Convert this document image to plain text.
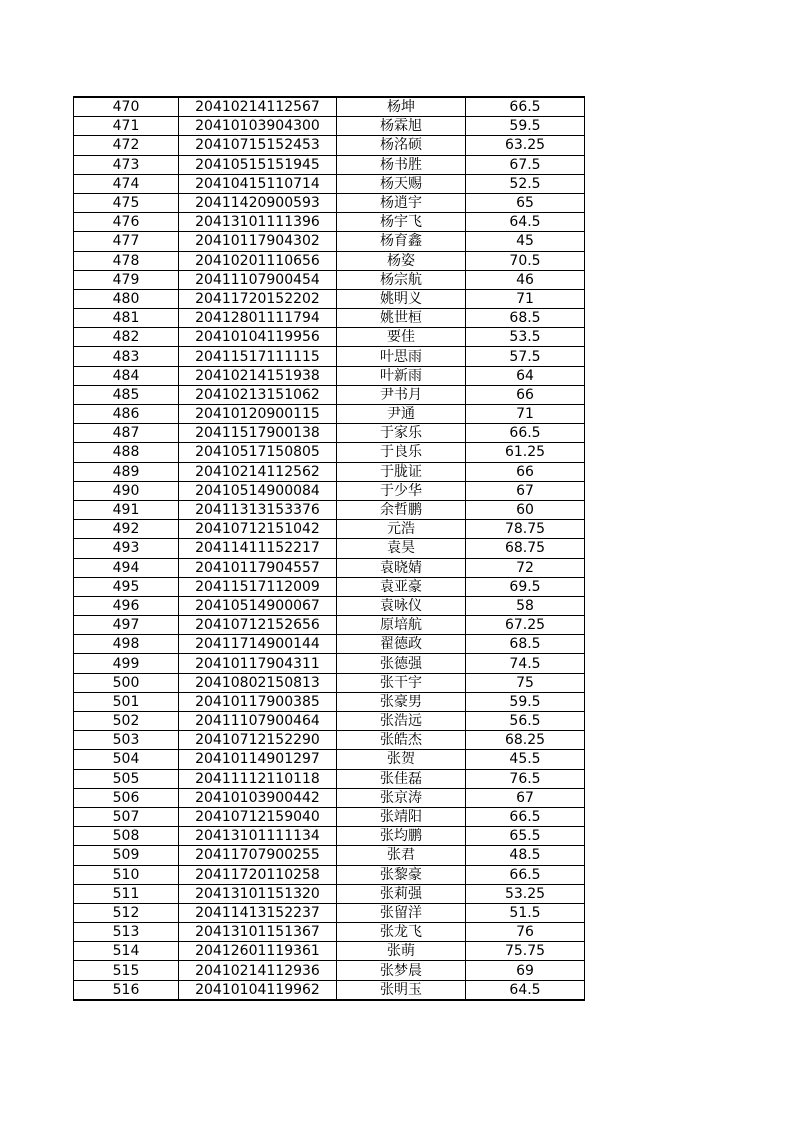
470	20410214112567	杨坤	66.5
471	20410103904300	杨霖旭	59.5
472	20410715152453	杨洺硕	63.25
473	20410515151945	杨书胜	67.5
474	20410415110714	杨天赐	52.5
475	20411420900593	杨逍宇	65
476	20413101111396	杨宇飞	64.5
477	20410117904302	杨育鑫	45
478	20410201110656	杨姿	70.5
479	20411107900454	杨宗航	46
480	20411720152202	姚明义	71
481	20412801111794	姚世桓	68.5
482	20410104119956	要佳	53.5
483	20411517111115	叶思雨	57.5
484	20410214151938	叶新雨	64
485	20410213151062	尹书月	66
486	20410120900115	尹通	71
487	20411517900138	于家乐	66.5
488	20410517150805	于良乐	61.25
489	20410214112562	于胧证	66
490	20410514900084	于少华	67
491	20411313153376	余哲鹏	60
492	20410712151042	元浩	78.75
493	20411411152217	袁昊	68.75
494	20410117904557	袁晓婧	72
495	20411517112009	袁亚豪	69.5
496	20410514900067	袁咏仪	58
497	20410712152656	原培航	67.25
498	20411714900144	翟德政	68.5
499	20410117904311	张德强	74.5
500	20410802150813	张干宇	75
501	20410117900385	张豪男	59.5
502	20411107900464	张浩远	56.5
503	20410712152290	张皓杰	68.25
504	20410114901297	张贺	45.5
505	20411112110118	张佳磊	76.5
506	20410103900442	张京涛	67
507	20410712159040	张靖阳	66.5
508	20413101111134	张均鹏	65.5
509	20411707900255	张君	48.5
510	20411720110258	张黎豪	66.5
511	20413101151320	张莉强	53.25
512	20411413152237	张留洋	51.5
513	20413101151367	张龙飞	76
514	20412601119361	张萌	75.75
515	20410214112936	张梦晨	69
516	20410104119962	张明玉	64.5
